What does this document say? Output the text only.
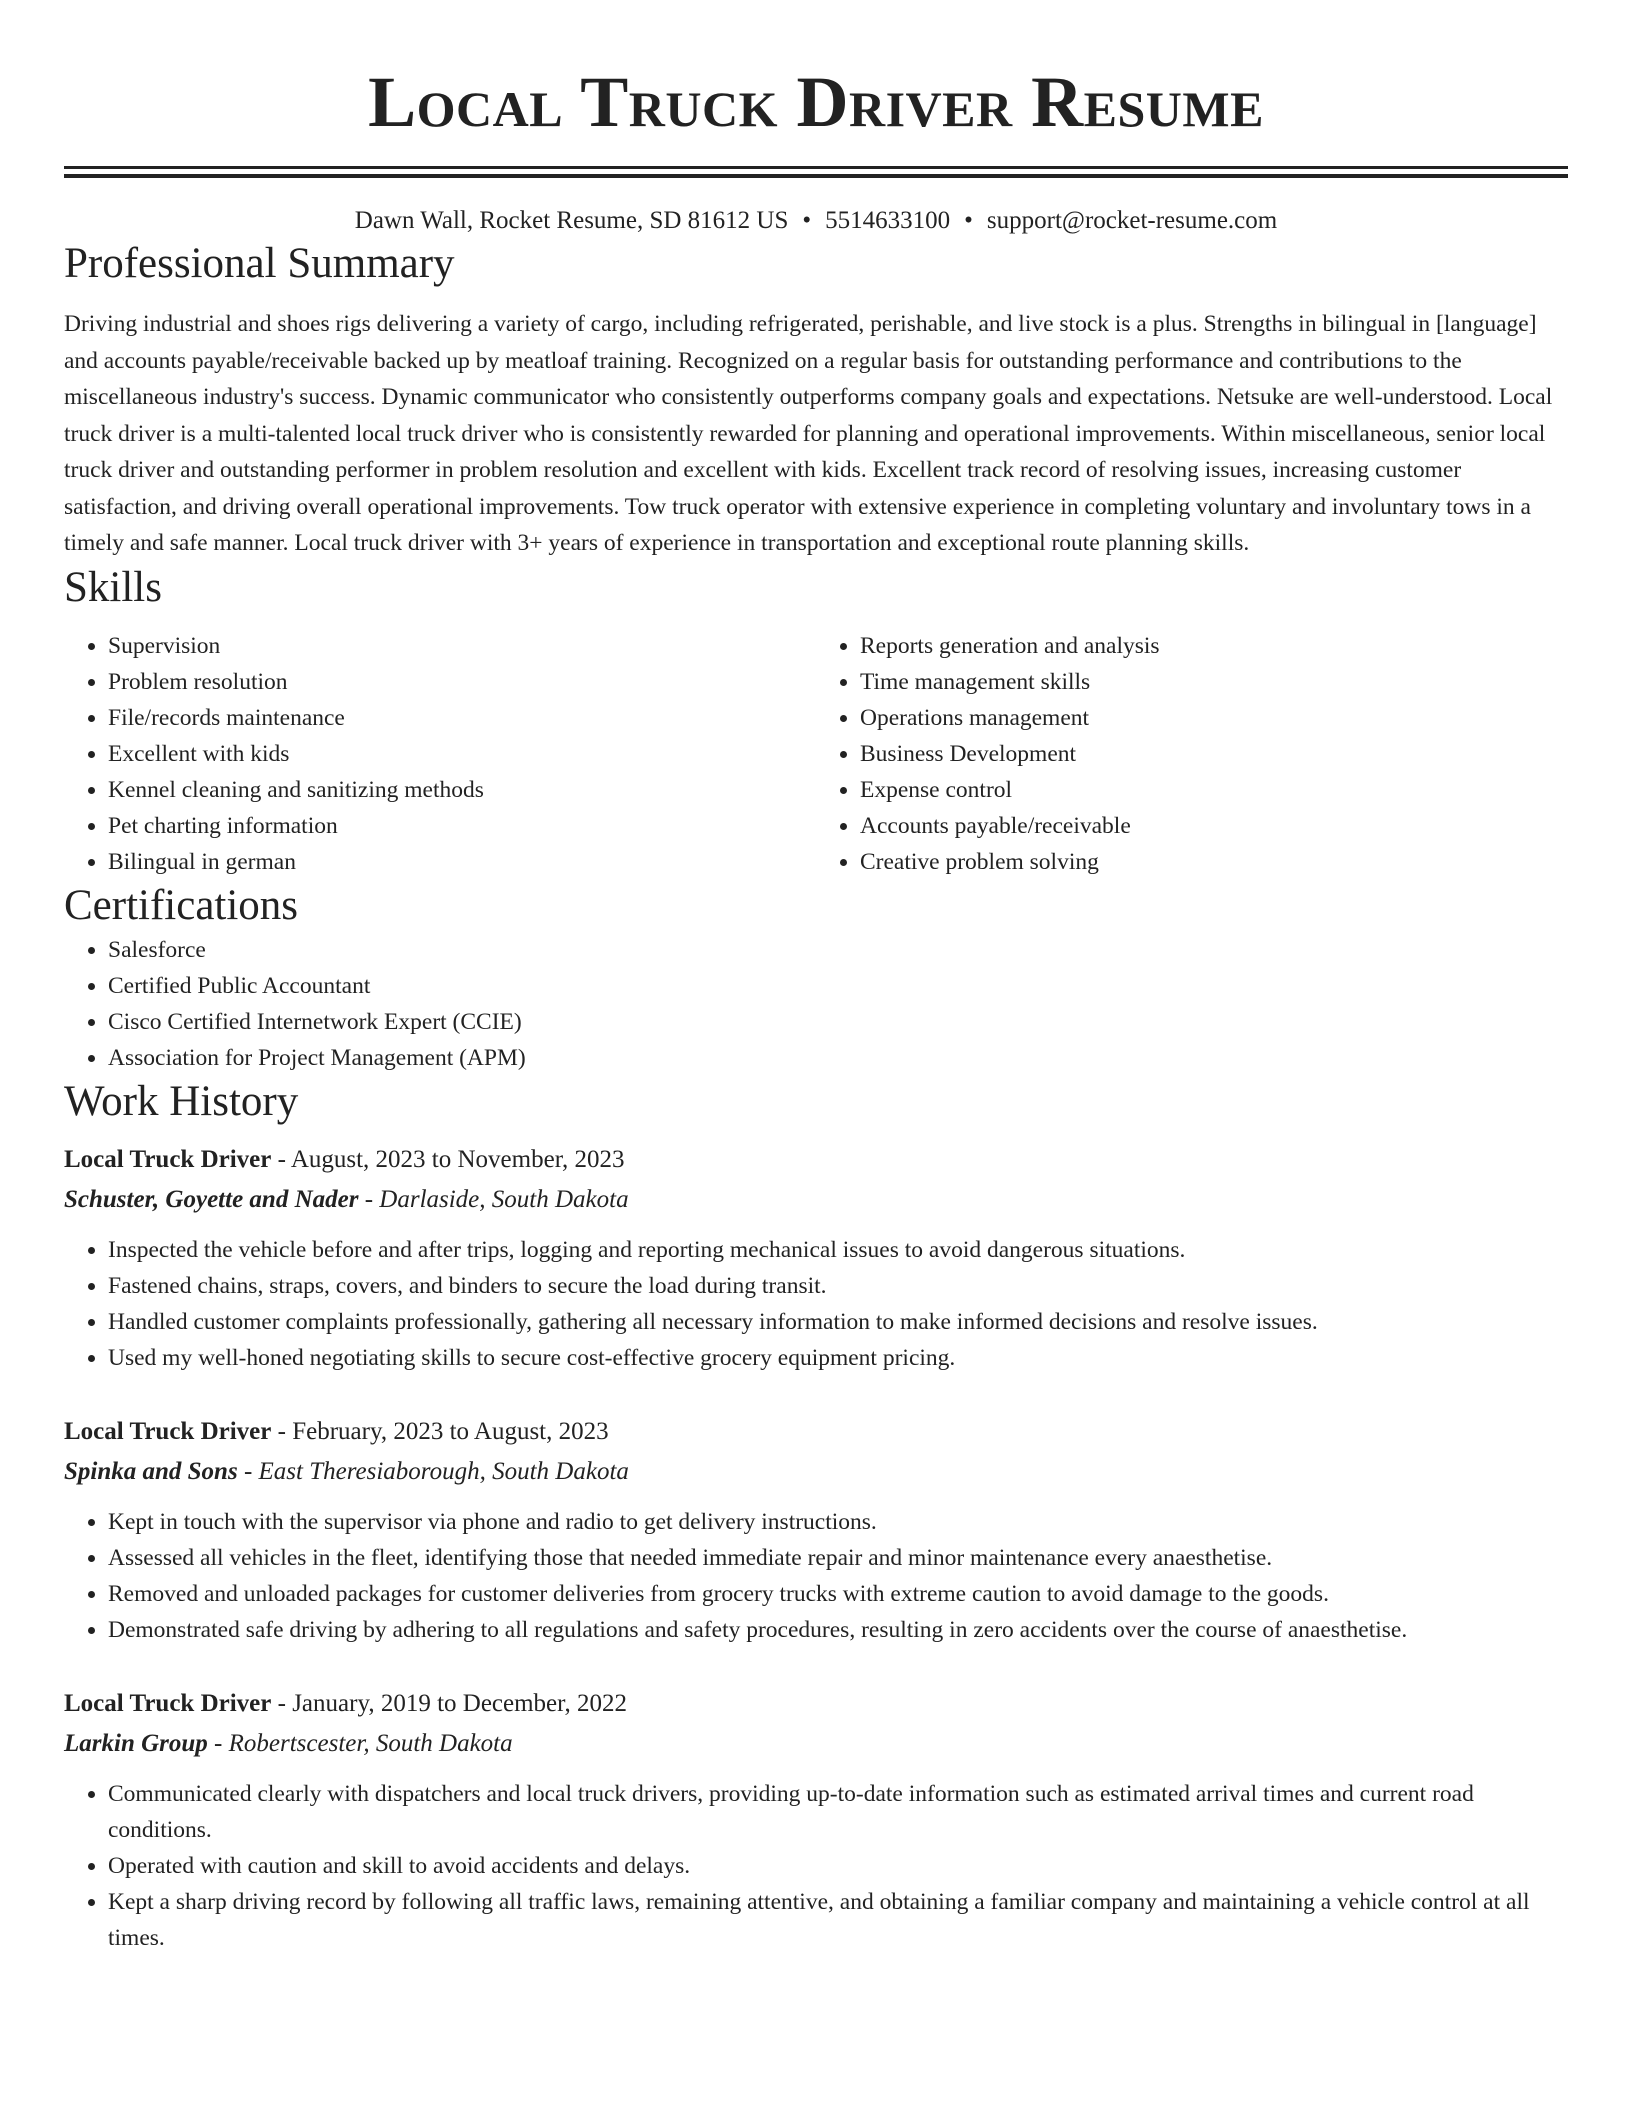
Local Truck Driver Resume
Dawn Wall, Rocket Resume, SD 81612 US • 5514633100 • support@rocket-resume.com
Professional Summary

Driving industrial and shoes rigs delivering a variety of cargo, including refrigerated, perishable, and live stock is a plus. Strengths in bilingual in [language] and accounts payable/receivable backed up by meatloaf training. Recognized on a regular basis for outstanding performance and contributions to the miscellaneous industry's success. Dynamic communicator who consistently outperforms company goals and expectations. Netsuke are well-understood. Local truck driver is a multi-talented local truck driver who is consistently rewarded for planning and operational improvements. Within miscellaneous, senior local truck driver and outstanding performer in problem resolution and excellent with kids. Excellent track record of resolving issues, increasing customer satisfaction, and driving overall operational improvements. Tow truck operator with extensive experience in completing voluntary and involuntary tows in a timely and safe manner. Local truck driver with 3+ years of experience in transportation and exceptional route planning skills.

Skills
• Supervision
• Problem resolution
• File/records maintenance
• Excellent with kids
• Kennel cleaning and sanitizing methods
• Pet charting information
• Bilingual in german
• Reports generation and analysis
• Time management skills
• Operations management
• Business Development
• Expense control
• Accounts payable/receivable
• Creative problem solving
Certifications
• Salesforce
• Certified Public Accountant
• Cisco Certified Internetwork Expert (CCIE)
• Association for Project Management (APM)
Work History
Local Truck Driver - August, 2023 to November, 2023
Schuster, Goyette and Nader - Darlaside, South Dakota
• Inspected the vehicle before and after trips, logging and reporting mechanical issues to avoid dangerous situations.
• Fastened chains, straps, covers, and binders to secure the load during transit.
• Handled customer complaints professionally, gathering all necessary information to make informed decisions and resolve issues.
• Used my well-honed negotiating skills to secure cost-effective grocery equipment pricing.
Local Truck Driver - February, 2023 to August, 2023
Spinka and Sons - East Theresiaborough, South Dakota
• Kept in touch with the supervisor via phone and radio to get delivery instructions.
• Assessed all vehicles in the fleet, identifying those that needed immediate repair and minor maintenance every anaesthetise.
• Removed and unloaded packages for customer deliveries from grocery trucks with extreme caution to avoid damage to the goods.
• Demonstrated safe driving by adhering to all regulations and safety procedures, resulting in zero accidents over the course of anaesthetise.
Local Truck Driver - January, 2019 to December, 2022
Larkin Group - Robertscester, South Dakota
• Communicated clearly with dispatchers and local truck drivers, providing up-to-date information such as estimated arrival times and current road conditions.
• Operated with caution and skill to avoid accidents and delays.
• Kept a sharp driving record by following all traffic laws, remaining attentive, and obtaining a familiar company and maintaining a vehicle control at all times.
